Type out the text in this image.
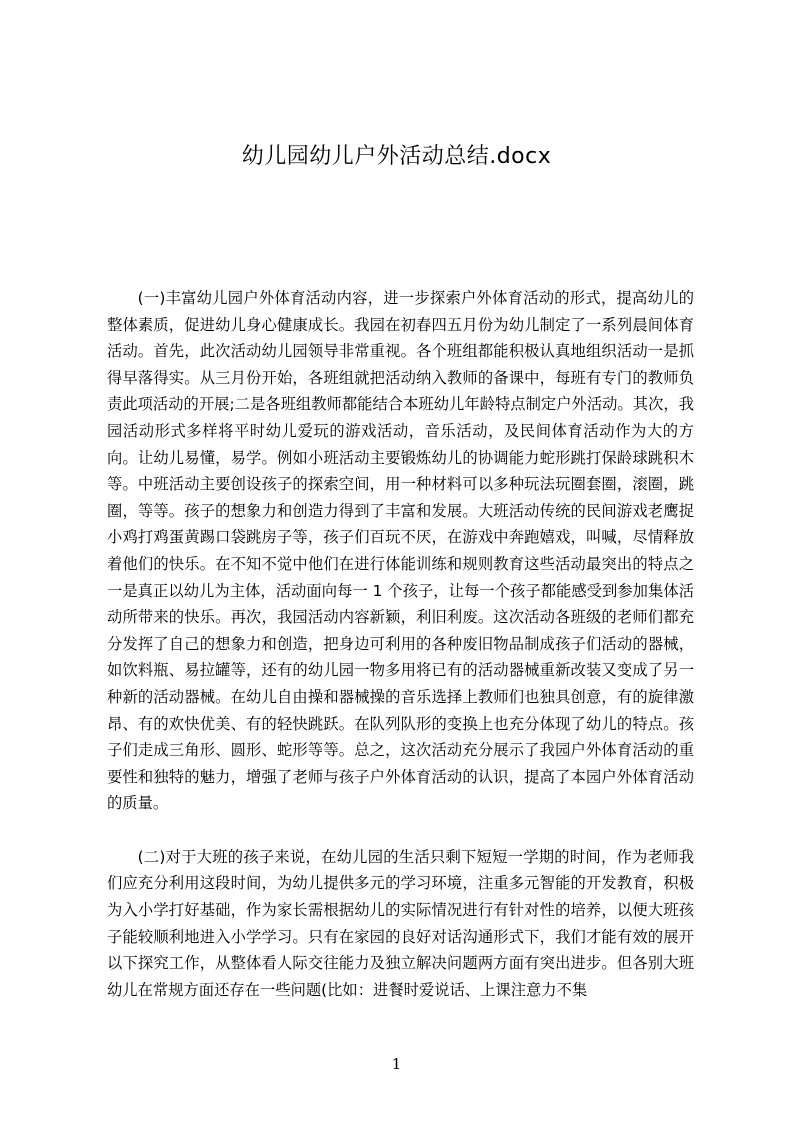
幼儿园幼儿户外活动总结.docx

(一)丰富幼儿园户外体育活动内容，进一步探索户外体育活动的形式，提高幼儿的整体素质，促进幼儿身心健康成长。我园在初春四五月份为幼儿制定了一系列晨间体育活动。首先，此次活动幼儿园领导非常重视。各个班组都能积极认真地组织活动一是抓得早落得实。从三月份开始，各班组就把活动纳入教师的备课中，每班有专门的教师负责此项活动的开展;二是各班组教师都能结合本班幼儿年龄特点制定户外活动。其次，我园活动形式多样将平时幼儿爱玩的游戏活动，音乐活动，及民间体育活动作为大的方向。让幼儿易懂，易学。例如小班活动主要锻炼幼儿的协调能力蛇形跳打保龄球跳积木等。中班活动主要创设孩子的探索空间，用一种材料可以多种玩法玩圈套圈，滚圈，跳圈，等等。孩子的想象力和创造力得到了丰富和发展。大班活动传统的民间游戏老鹰捉小鸡打鸡蛋黄踢口袋跳房子等，孩子们百玩不厌，在游戏中奔跑嬉戏，叫喊，尽情释放着他们的快乐。在不知不觉中他们在进行体能训练和规则教育这些活动最突出的特点之一是真正以幼儿为主体，活动面向每一 1 个孩子，让每一个孩子都能感受到参加集体活动所带来的快乐。再次，我园活动内容新颖，利旧利废。这次活动各班级的老师们都充分发挥了自己的想象力和创造，把身边可利用的各种废旧物品制成孩子们活动的器械，如饮料瓶、易拉罐等，还有的幼儿园一物多用将已有的活动器械重新改装又变成了另一种新的活动器械。在幼儿自由操和器械操的音乐选择上教师们也独具创意，有的旋律激昂、有的欢快优美、有的轻快跳跃。在队列队形的变换上也充分体现了幼儿的特点。孩子们走成三角形、圆形、蛇形等等。总之，这次活动充分展示了我园户外体育活动的重要性和独特的魅力，增强了老师与孩子户外体育活动的认识，提高了本园户外体育活动的质量。

(二)对于大班的孩子来说，在幼儿园的生活只剩下短短一学期的时间，作为老师我们应充分利用这段时间，为幼儿提供多元的学习环境，注重多元智能的开发教育，积极为入小学打好基础，作为家长需根据幼儿的实际情况进行有针对性的培养，以便大班孩子能较顺利地进入小学学习。只有在家园的良好对话沟通形式下，我们才能有效的展开以下探究工作，从整体看人际交往能力及独立解决问题两方面有突出进步。但各别大班幼儿在常规方面还存在一些问题(比如：进餐时爱说话、上课注意力不集

1
